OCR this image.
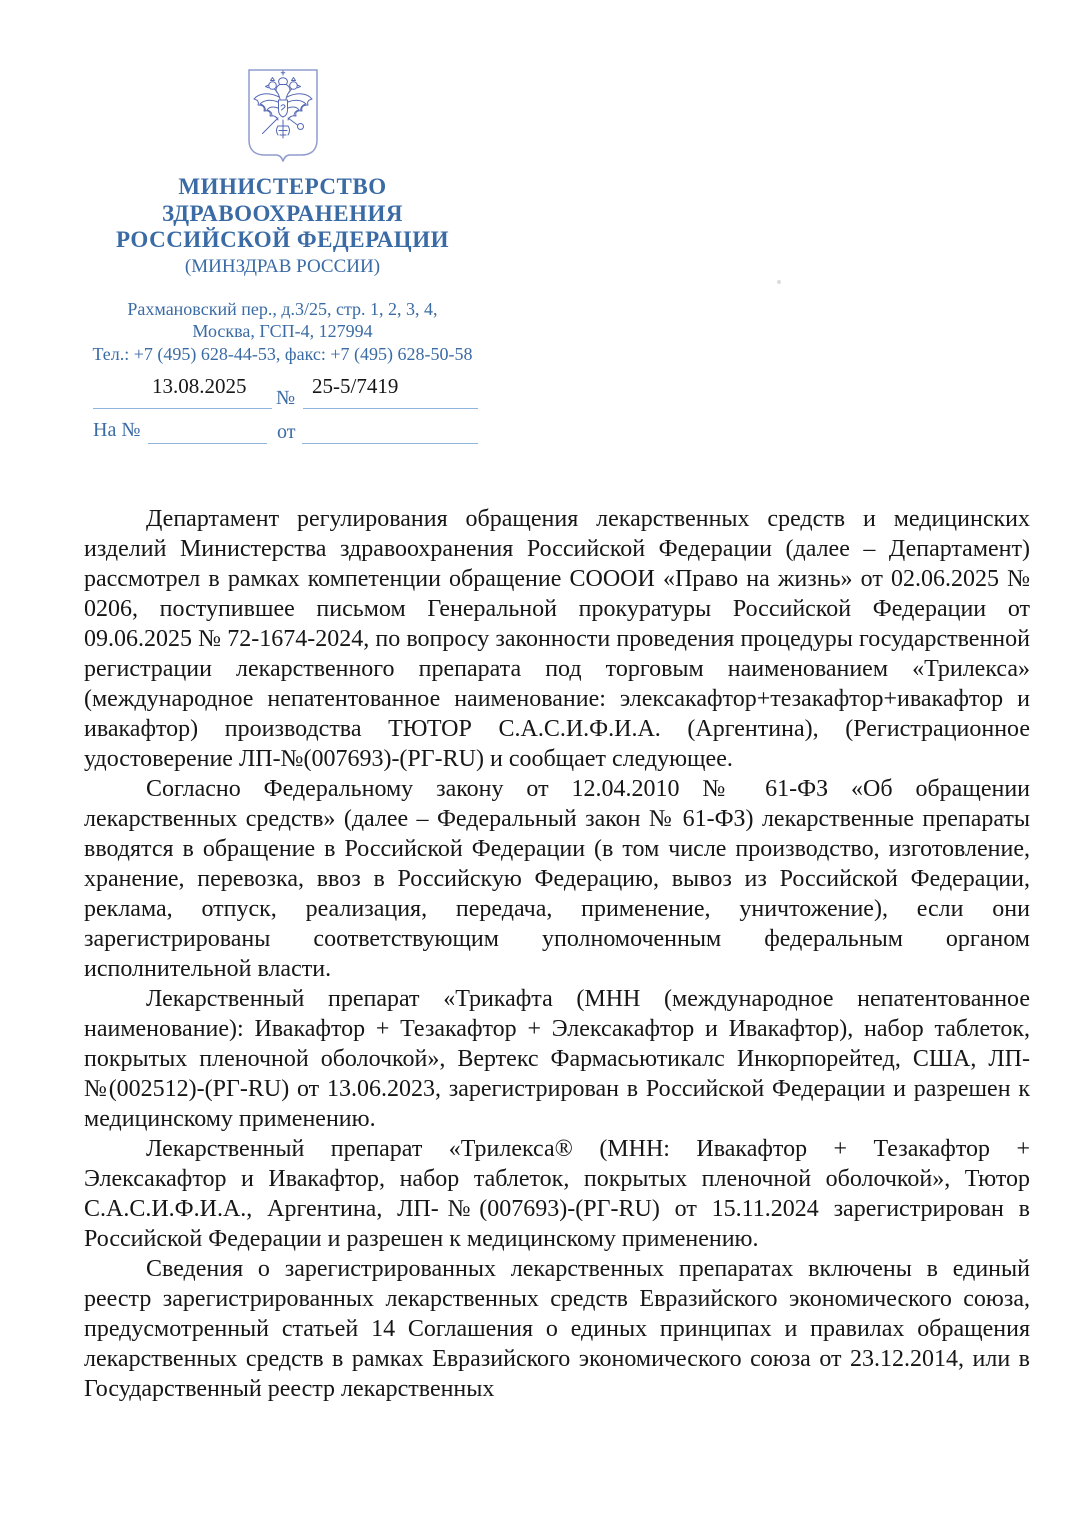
МИНИСТЕРСТВО
ЗДРАВООХРАНЕНИЯ
РОССИЙСКОЙ ФЕДЕРАЦИИ
(МИНЗДРАВ РОССИИ)
Рахмановский пер., д.3/25, стр. 1, 2, 3, 4,
Москва, ГСП-4, 127994
Тел.: +7 (495) 628-44-53, факс: +7 (495) 628-50-58
13.08.2025	25-5/7419
№
На №	от

Департамент регулирования обращения лекарственных средств и медицинских изделий Министерства здравоохранения Российской Федерации (далее – Департамент) рассмотрел в рамках компетенции обращение СОООИ «Право на жизнь» от 02.06.2025 № 0206, поступившее письмом Генеральной прокуратуры Российской Федерации от 09.06.2025 № 72-1674-2024, по вопросу законности проведения процедуры государственной регистрации лекарственного препарата под торговым наименованием «Трилекса» (международное непатентованное наименование: элексакафтор+тезакафтор+ивакафтор и ивакафтор) производства ТЮТОР С.А.С.И.Ф.И.А. (Аргентина), (Регистрационное удостоверение ЛП-№(007693)-(РГ-RU) и сообщает следующее.

Согласно Федеральному закону от 12.04.2010 № 61-ФЗ «Об обращении лекарственных средств» (далее – Федеральный закон № 61-ФЗ) лекарственные препараты вводятся в обращение в Российской Федерации (в том числе производство, изготовление, хранение, перевозка, ввоз в Российскую Федерацию, вывоз из Российской Федерации, реклама, отпуск, реализация, передача, применение, уничтожение), если они зарегистрированы соответствующим уполномоченным федеральным органом исполнительной власти.

Лекарственный препарат «Трикафта (МНН (международное непатентованное наименование): Ивакафтор + Тезакафтор + Элексакафтор и Ивакафтор), набор таблеток, покрытых пленочной оболочкой», Вертекс Фармасьютикалс Инкорпорейтед, США, ЛП-№(002512)-(РГ-RU) от 13.06.2023, зарегистрирован в Российской Федерации и разрешен к медицинскому применению.

Лекарственный препарат «Трилекса® (МНН: Ивакафтор + Тезакафтор + Элексакафтор и Ивакафтор, набор таблеток, покрытых пленочной оболочкой», Тютор С.А.С.И.Ф.И.А., Аргентина, ЛП-№(007693)-(РГ-RU) от 15.11.2024 зарегистрирован в Российской Федерации и разрешен к медицинскому применению.

Сведения о зарегистрированных лекарственных препаратах включены в единый реестр зарегистрированных лекарственных средств Евразийского экономического союза, предусмотренный статьей 14 Соглашения о единых принципах и правилах обращения лекарственных средств в рамках Евразийского экономического союза от 23.12.2014, или в Государственный реестр лекарственных
